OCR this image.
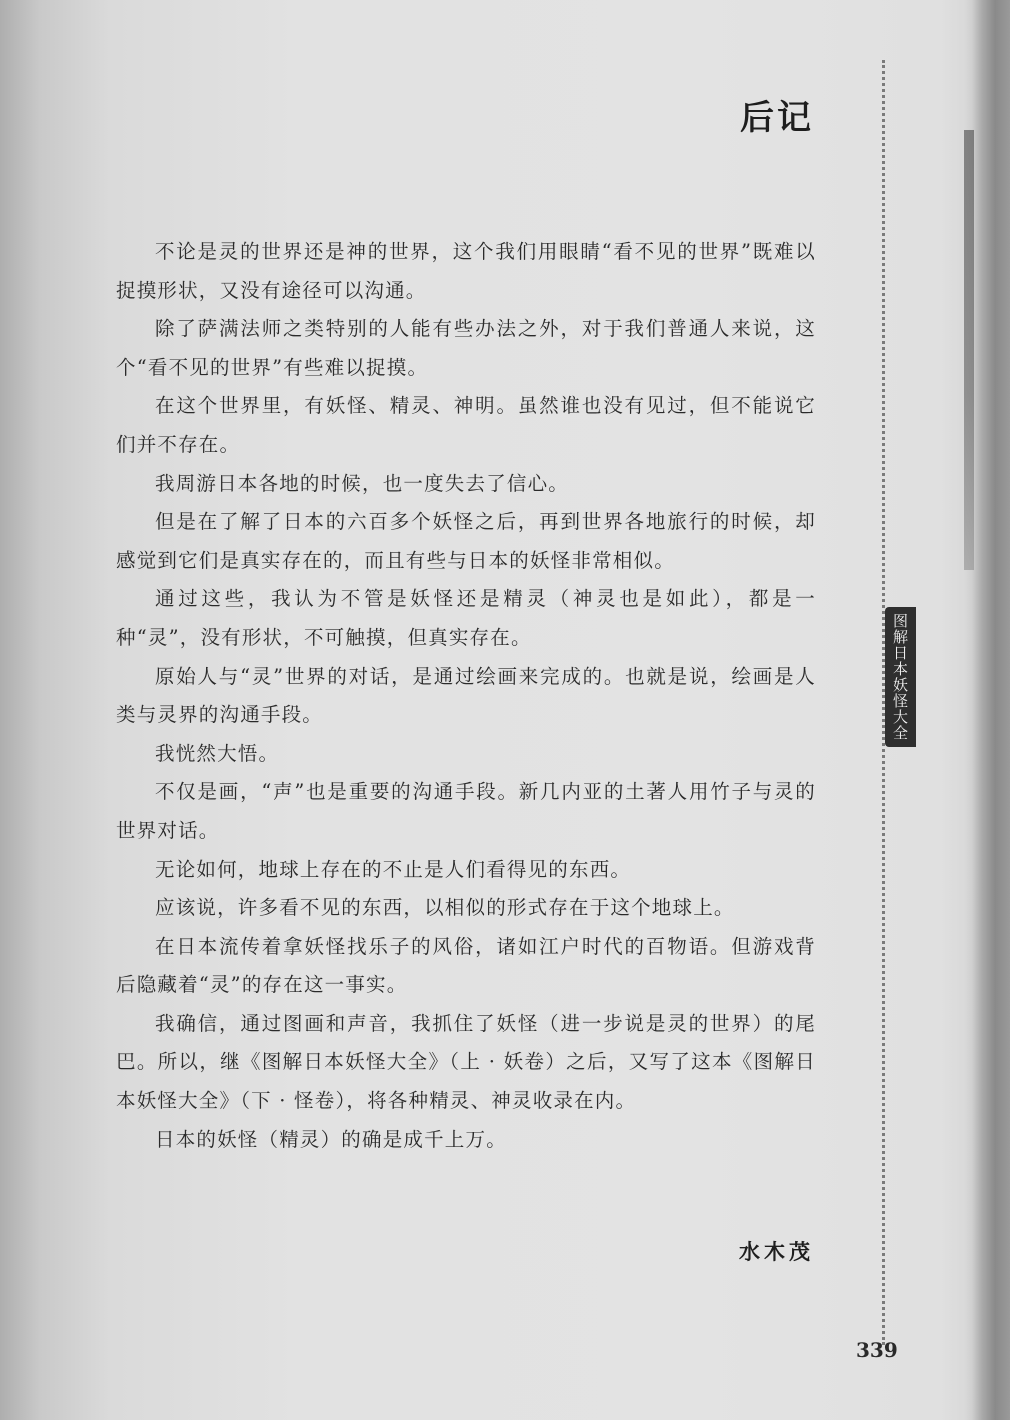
后记

不论是灵的世界还是神的世界，这个我们用眼睛“看不见的世界”既难以捉摸形状，又没有途径可以沟通。

除了萨满法师之类特别的人能有些办法之外，对于我们普通人来说，这个“看不见的世界”有些难以捉摸。

在这个世界里，有妖怪、精灵、神明。虽然谁也没有见过，但不能说它们并不存在。

我周游日本各地的时候，也一度失去了信心。

但是在了解了日本的六百多个妖怪之后，再到世界各地旅行的时候，却感觉到它们是真实存在的，而且有些与日本的妖怪非常相似。

通过这些，我认为不管是妖怪还是精灵（神灵也是如此），都是一种“灵”，没有形状，不可触摸，但真实存在。

原始人与“灵”世界的对话，是通过绘画来完成的。也就是说，绘画是人类与灵界的沟通手段。

我恍然大悟。

不仅是画，“声”也是重要的沟通手段。新几内亚的土著人用竹子与灵的世界对话。

无论如何，地球上存在的不止是人们看得见的东西。

应该说，许多看不见的东西，以相似的形式存在于这个地球上。

在日本流传着拿妖怪找乐子的风俗，诸如江户时代的百物语。但游戏背后隐藏着“灵”的存在这一事实。

我确信，通过图画和声音，我抓住了妖怪（进一步说是灵的世界）的尾巴。所以，继《图解日本妖怪大全》（上 · 妖卷）之后，又写了这本《图解日本妖怪大全》（下 · 怪卷），将各种精灵、神灵收录在内。

日本的妖怪（精灵）的确是成千上万。

水木茂
339
图解日本妖怪大全
